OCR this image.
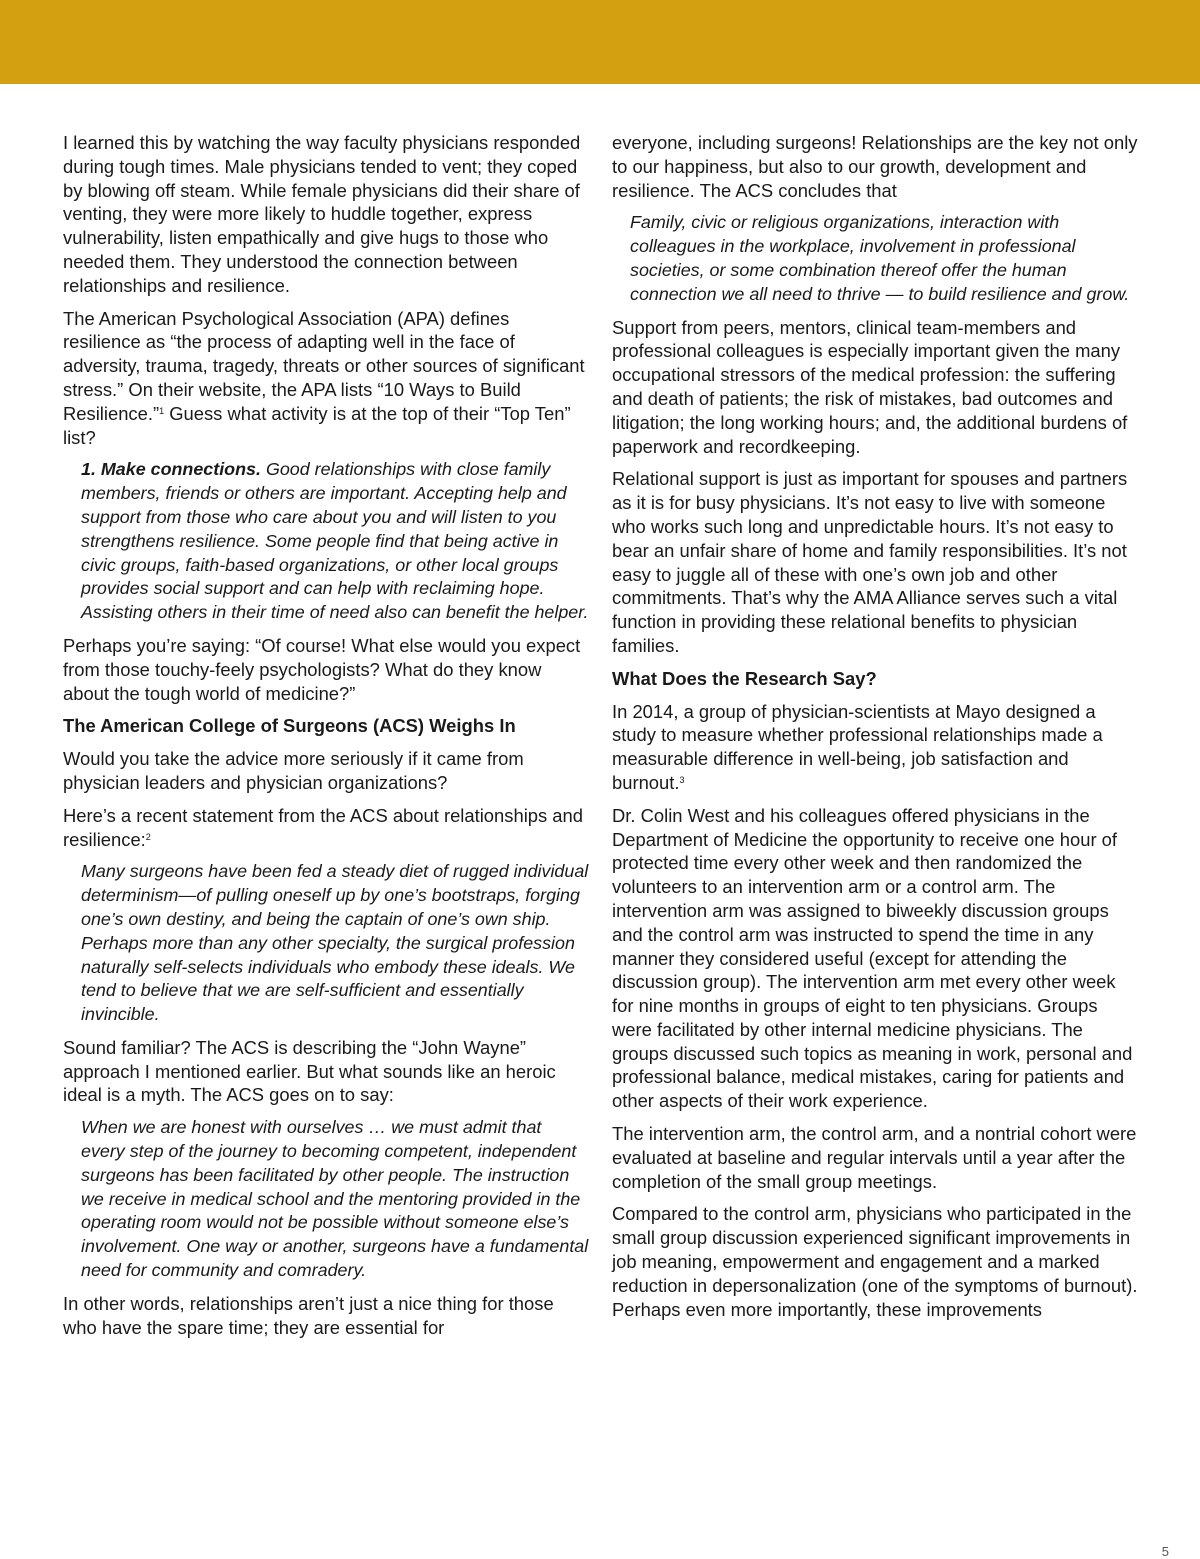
I learned this by watching the way faculty physicians responded during tough times. Male physicians tended to vent; they coped by blowing off steam. While female physicians did their share of venting, they were more likely to huddle together, express vulnerability, listen empathically and give hugs to those who needed them. They understood the connection between relationships and resilience.

The American Psychological Association (APA) defines resilience as “the process of adapting well in the face of adversity, trauma, tragedy, threats or other sources of significant stress.” On their website, the APA lists “10 Ways to Build Resilience.”$^1$ Guess what activity is at the top of their “Top Ten” list?

1. Make connections. Good relationships with close family members, friends or others are important. Accepting help and support from those who care about you and will listen to you strengthens resilience. Some people find that being active in civic groups, faith-based organizations, or other local groups provides social support and can help with reclaiming hope. Assisting others in their time of need also can benefit the helper.

Perhaps you’re saying: “Of course! What else would you expect from those touchy-feely psychologists? What do they know about the tough world of medicine?”

The American College of Surgeons (ACS) Weighs In

Would you take the advice more seriously if it came from physician leaders and physician organizations?

Here’s a recent statement from the ACS about relationships and resilience:$^2$

Many surgeons have been fed a steady diet of rugged individual determinism—of pulling oneself up by one’s bootstraps, forging one’s own destiny, and being the captain of one’s own ship. Perhaps more than any other specialty, the surgical profession naturally self-selects individuals who embody these ideals. We tend to believe that we are self-sufficient and essentially invincible.

Sound familiar? The ACS is describing the “John Wayne” approach I mentioned earlier. But what sounds like an heroic ideal is a myth. The ACS goes on to say:

When we are honest with ourselves … we must admit that every step of the journey to becoming competent, independent surgeons has been facilitated by other people. The instruction we receive in medical school and the mentoring provided in the operating room would not be possible without someone else’s involvement. One way or another, surgeons have a fundamental need for community and comradery.

In other words, relationships aren’t just a nice thing for those who have the spare time; they are essential for

everyone, including surgeons! Relationships are the key not only to our happiness, but also to our growth, development and resilience. The ACS concludes that

Family, civic or religious organizations, interaction with colleagues in the workplace, involvement in professional societies, or some combination thereof offer the human connection we all need to thrive — to build resilience and grow.

Support from peers, mentors, clinical team-members and professional colleagues is especially important given the many occupational stressors of the medical profession: the suffering and death of patients; the risk of mistakes, bad outcomes and litigation; the long working hours; and, the additional burdens of paperwork and recordkeeping.

Relational support is just as important for spouses and partners as it is for busy physicians. It’s not easy to live with someone who works such long and unpredictable hours. It’s not easy to bear an unfair share of home and family responsibilities. It’s not easy to juggle all of these with one’s own job and other commitments. That’s why the AMA Alliance serves such a vital function in providing these relational benefits to physician families.

What Does the Research Say?

In 2014, a group of physician-scientists at Mayo designed a study to measure whether professional relationships made a measurable difference in well-being, job satisfaction and burnout.$^3$

Dr. Colin West and his colleagues offered physicians in the Department of Medicine the opportunity to receive one hour of protected time every other week and then randomized the volunteers to an intervention arm or a control arm. The intervention arm was assigned to biweekly discussion groups and the control arm was instructed to spend the time in any manner they considered useful (except for attending the discussion group). The intervention arm met every other week for nine months in groups of eight to ten physicians. Groups were facilitated by other internal medicine physicians. The groups discussed such topics as meaning in work, personal and professional balance, medical mistakes, caring for patients and other aspects of their work experience.

The intervention arm, the control arm, and a nontrial cohort were evaluated at baseline and regular intervals until a year after the completion of the small group meetings.

Compared to the control arm, physicians who participated in the small group discussion experienced significant improvements in job meaning, empowerment and engagement and a marked reduction in depersonalization (one of the symptoms of burnout). Perhaps even more importantly, these improvements

5
